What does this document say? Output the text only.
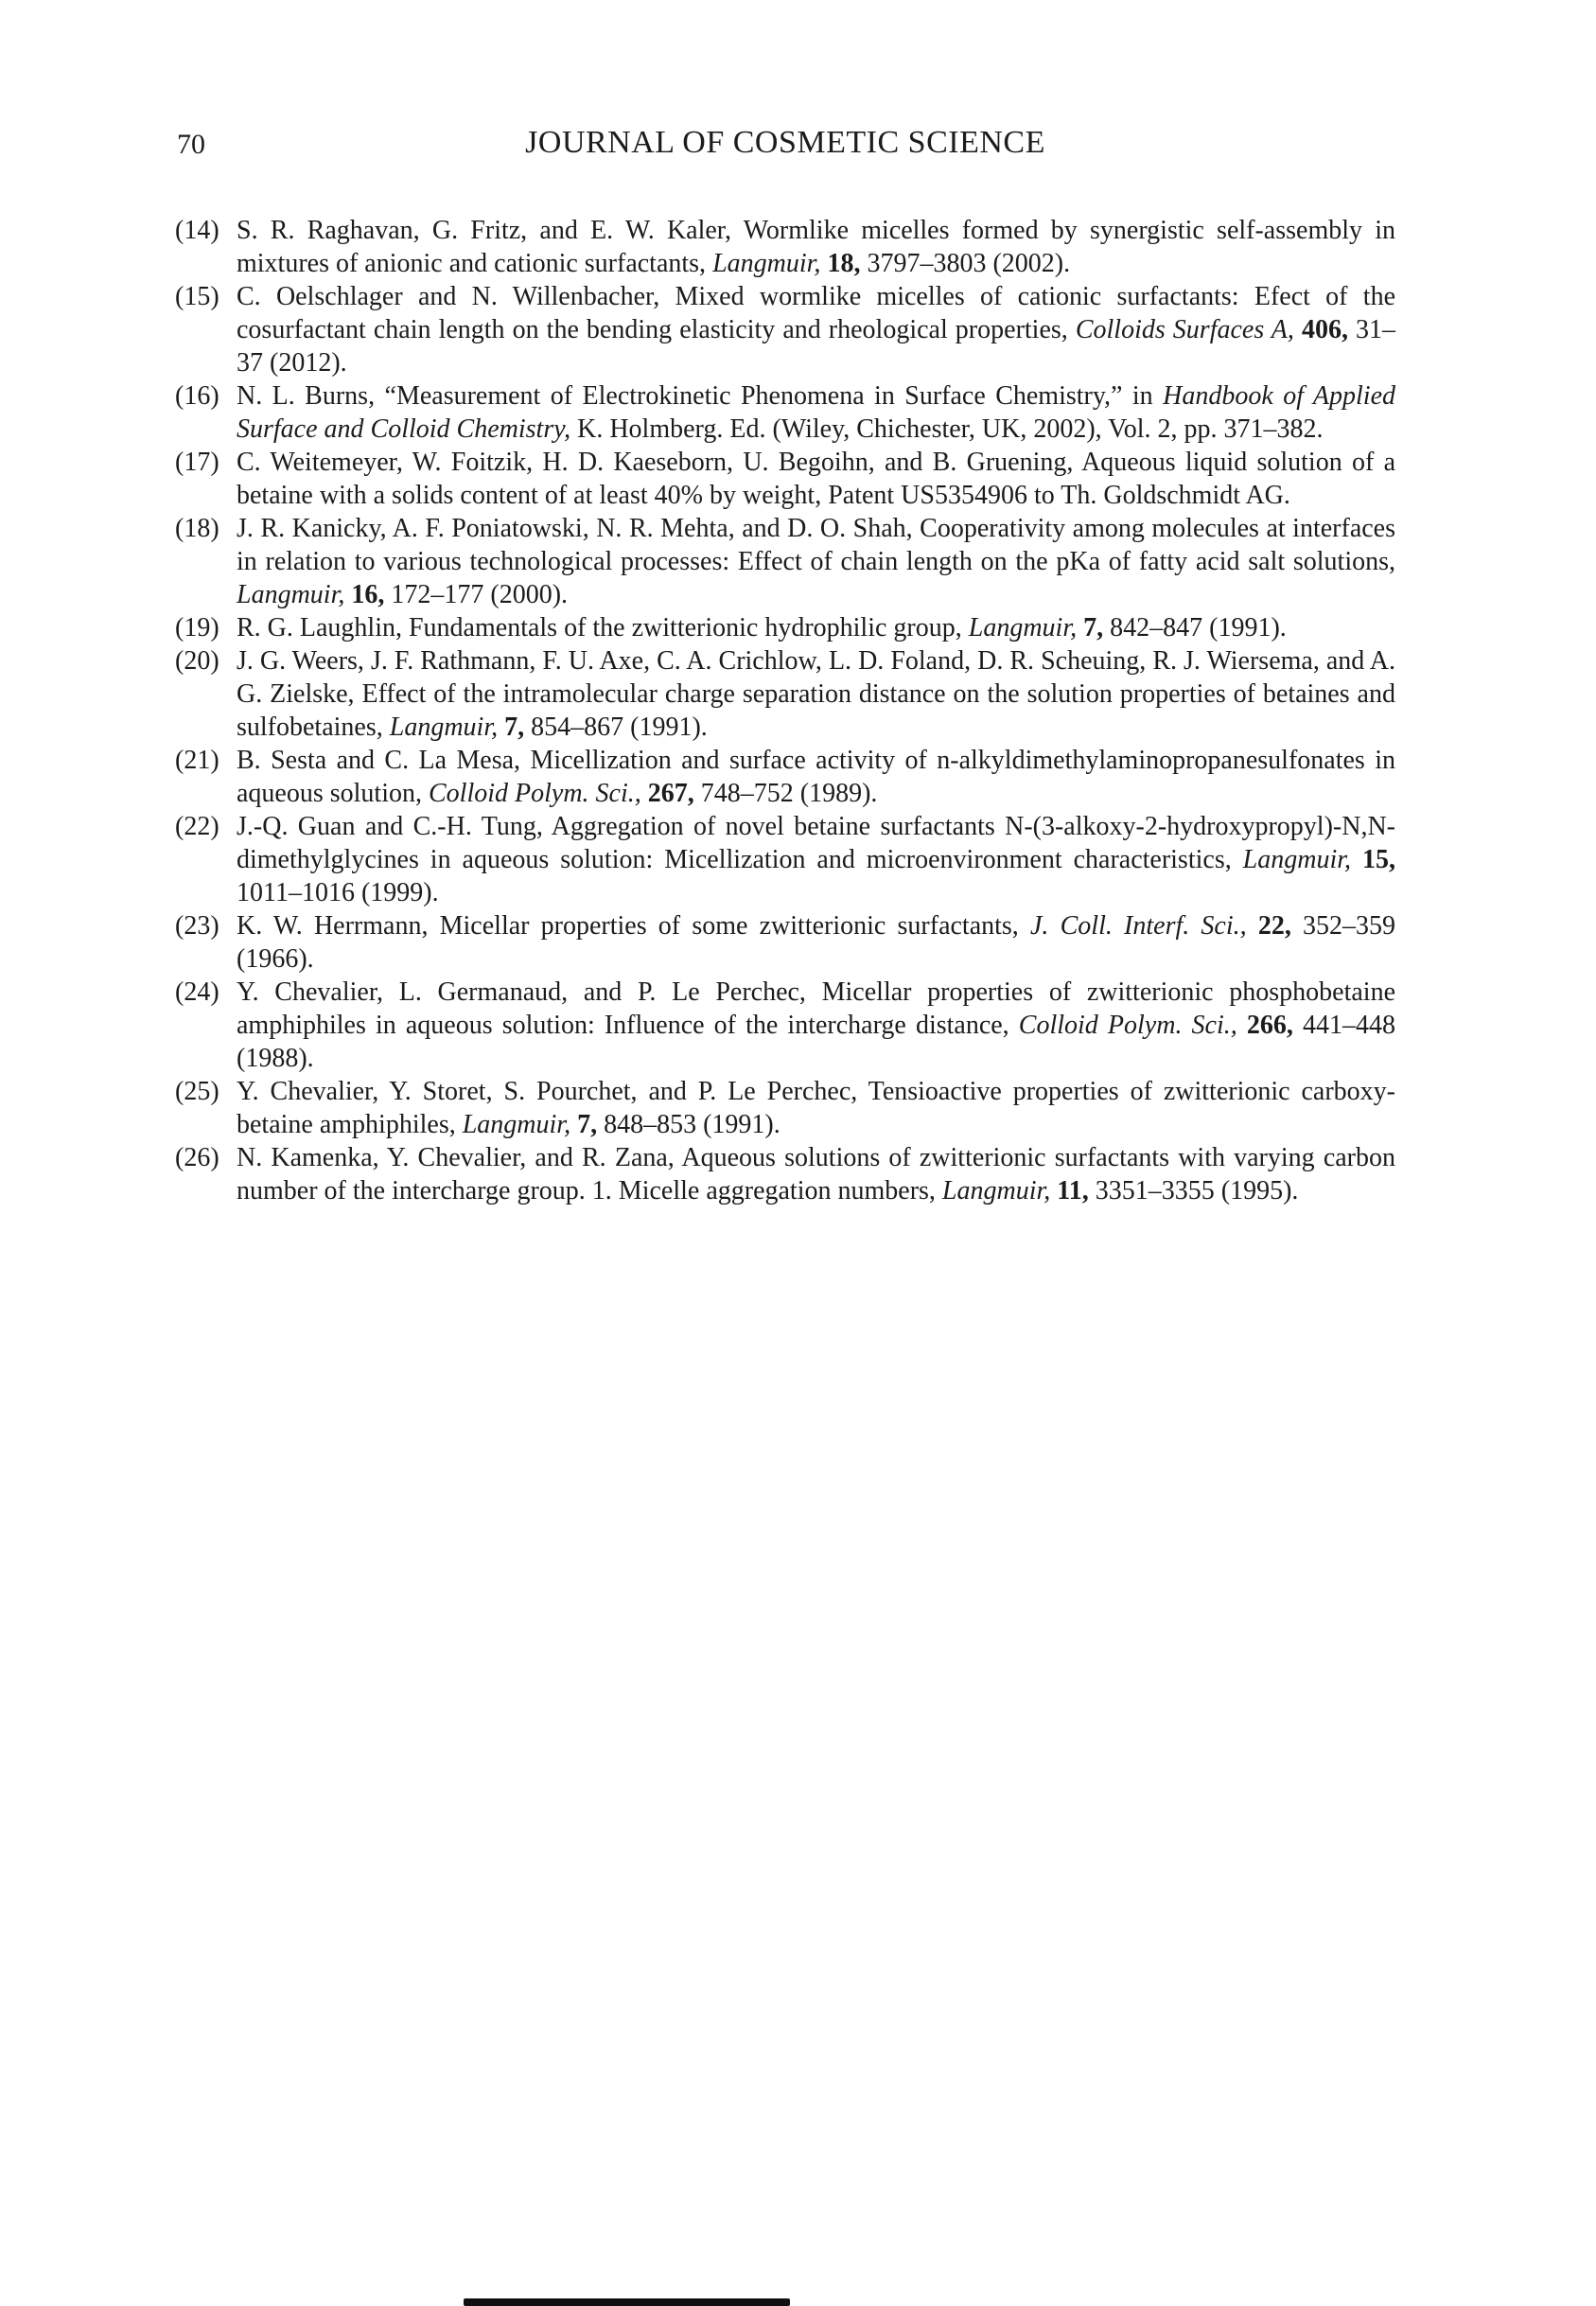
70	JOURNAL OF COSMETIC SCIENCE
(14) S. R. Raghavan, G. Fritz, and E. W. Kaler, Wormlike micelles formed by synergistic self-assembly in mixtures of anionic and cationic surfactants, Langmuir, 18, 3797–3803 (2002).
(15) C. Oelschlager and N. Willenbacher, Mixed wormlike micelles of cationic surfactants: Efect of the cosurfactant chain length on the bending elasticity and rheological properties, Colloids Surfaces A, 406, 31–37 (2012).
(16) N. L. Burns, “Measurement of Electrokinetic Phenomena in Surface Chemistry,” in Handbook of Applied Surface and Colloid Chemistry, K. Holmberg. Ed. (Wiley, Chichester, UK, 2002), Vol. 2, pp. 371–382.
(17) C. Weitemeyer, W. Foitzik, H. D. Kaeseborn, U. Begoihn, and B. Gruening, Aqueous liquid solution of a betaine with a solids content of at least 40% by weight, Patent US5354906 to Th. Goldschmidt AG.
(18) J. R. Kanicky, A. F. Poniatowski, N. R. Mehta, and D. O. Shah, Cooperativity among molecules at interfaces in relation to various technological processes: Effect of chain length on the pKa of fatty acid salt solutions, Langmuir, 16, 172–177 (2000).
(19) R. G. Laughlin, Fundamentals of the zwitterionic hydrophilic group, Langmuir, 7, 842–847 (1991).
(20) J. G. Weers, J. F. Rathmann, F. U. Axe, C. A. Crichlow, L. D. Foland, D. R. Scheuing, R. J. Wiersema, and A. G. Zielske, Effect of the intramolecular charge separation distance on the solution properties of betaines and sulfobetaines, Langmuir, 7, 854–867 (1991).
(21) B. Sesta and C. La Mesa, Micellization and surface activity of n-alkyldimethylaminopropanesulfonates in aqueous solution, Colloid Polym. Sci., 267, 748–752 (1989).
(22) J.-Q. Guan and C.-H. Tung, Aggregation of novel betaine surfactants N-(3-alkoxy-2-hydroxypropyl)-N,N-dimethylglycines in aqueous solution: Micellization and microenvironment characteristics, Langmuir, 15, 1011–1016 (1999).
(23) K. W. Herrmann, Micellar properties of some zwitterionic surfactants, J. Coll. Interf. Sci., 22, 352–359 (1966).
(24) Y. Chevalier, L. Germanaud, and P. Le Perchec, Micellar properties of zwitterionic phosphobetaine amphiphiles in aqueous solution: Influence of the intercharge distance, Colloid Polym. Sci., 266, 441–448 (1988).
(25) Y. Chevalier, Y. Storet, S. Pourchet, and P. Le Perchec, Tensioactive properties of zwitterionic carboxy-betaine amphiphiles, Langmuir, 7, 848–853 (1991).
(26) N. Kamenka, Y. Chevalier, and R. Zana, Aqueous solutions of zwitterionic surfactants with varying carbon number of the intercharge group. 1. Micelle aggregation numbers, Langmuir, 11, 3351–3355 (1995).
